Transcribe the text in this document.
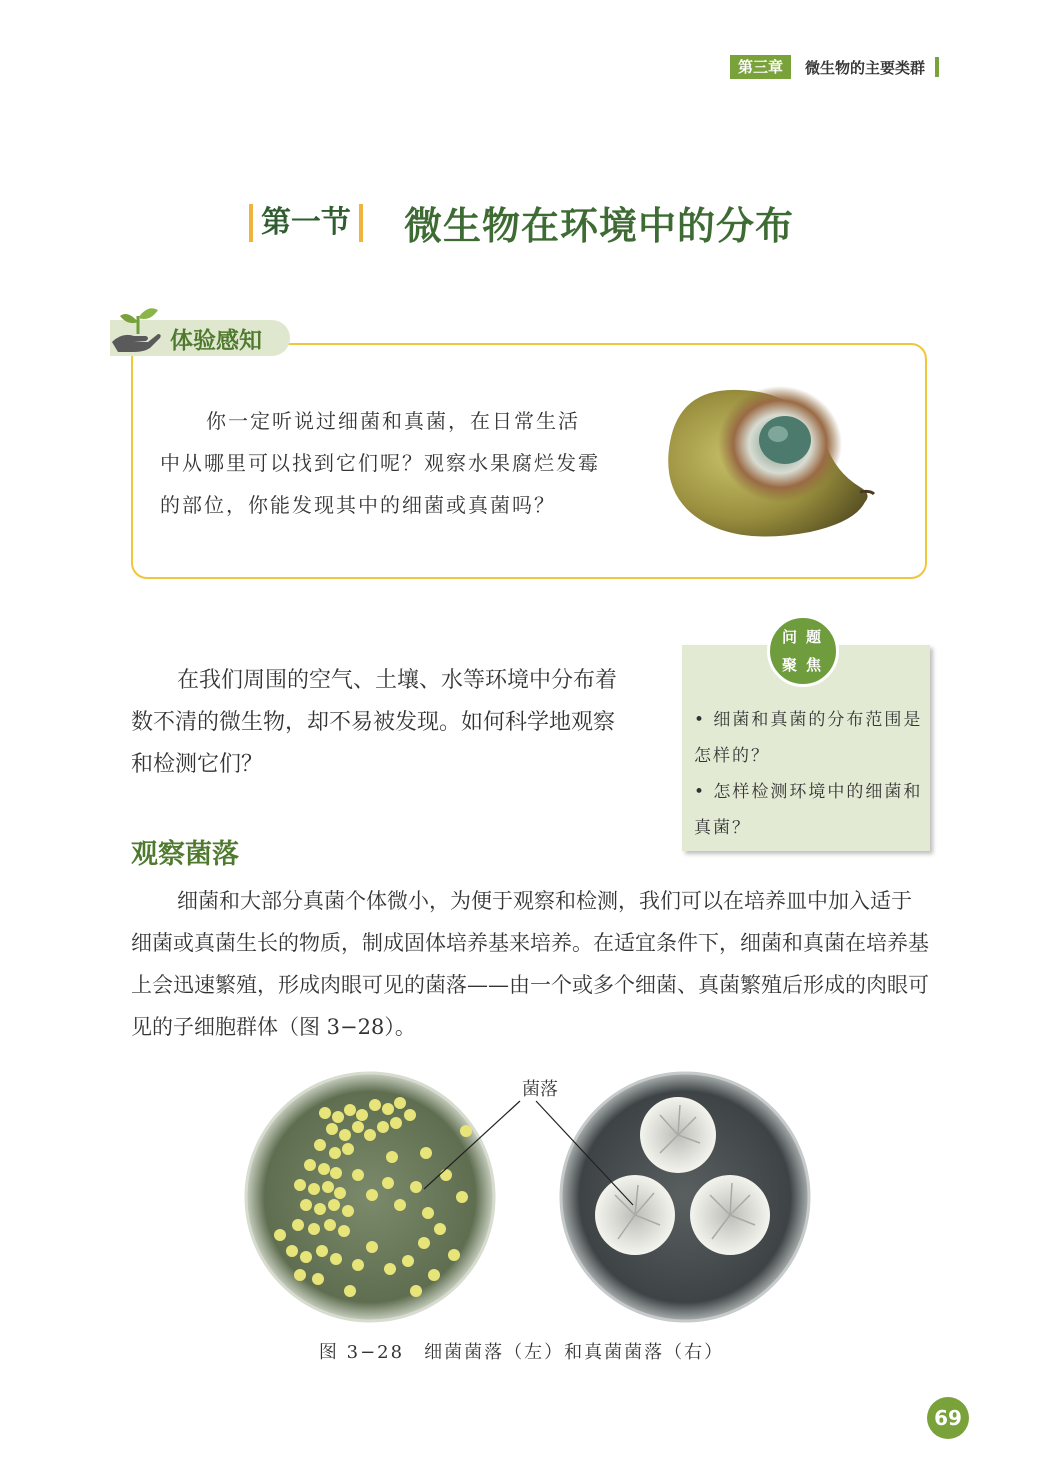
第三章	微生物的主要类群
第一节 微生物在环境中的分布
体验感知
你一定听说过细菌和真菌，在日常生活中从哪里可以找到它们呢？观察水果腐烂发霉的部位，你能发现其中的细菌或真菌吗？
在我们周围的空气、土壤、水等环境中分布着数不清的微生物，却不易被发现。如何科学地观察和检测它们？
问 题
聚 焦
• 细菌和真菌的分布范围是怎样的？
• 怎样检测环境中的细菌和真菌？
观察菌落
细菌和大部分真菌个体微小，为便于观察和检测，我们可以在培养皿中加入适于细菌或真菌生长的物质，制成固体培养基来培养。在适宜条件下，细菌和真菌在培养基上会迅速繁殖，形成肉眼可见的菌落——由一个或多个细菌、真菌繁殖后形成的肉眼可见的子细胞群体（图 3−28）。
菌落
图 3−28　细菌菌落（左）和真菌菌落（右）
69
